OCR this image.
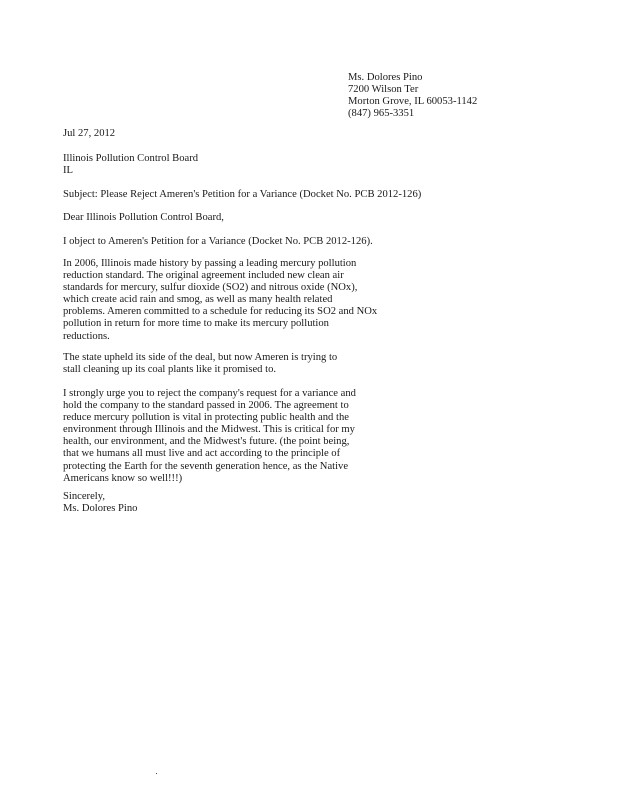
Ms. Dolores Pino
7200 Wilson Ter
Morton Grove, IL 60053-1142
(847) 965-3351
Jul 27, 2012
Illinois Pollution Control Board
IL
Subject: Please Reject Ameren's Petition for a Variance (Docket No. PCB 2012-126)
Dear Illinois Pollution Control Board,
I object to Ameren's Petition for a Variance (Docket No. PCB 2012-126).
In 2006, Illinois made history by passing a leading mercury pollution
reduction standard. The original agreement included new clean air
standards for mercury, sulfur dioxide (SO2) and nitrous oxide (NOx),
which create acid rain and smog, as well as many health related
problems. Ameren committed to a schedule for reducing its SO2 and NOx
pollution in return for more time to make its mercury pollution
reductions.
The state upheld its side of the deal, but now Ameren is trying to
stall cleaning up its coal plants like it promised to.
I strongly urge you to reject the company's request for a variance and
hold the company to the standard passed in 2006. The agreement to
reduce mercury pollution is vital in protecting public health and the
environment through Illinois and the Midwest. This is critical for my
health, our environment, and the Midwest's future. (the point being,
that we humans all must live and act according to the principle of
protecting the Earth for the seventh generation hence, as the Native
Americans know so well!!!)
Sincerely,
Ms. Dolores Pino
